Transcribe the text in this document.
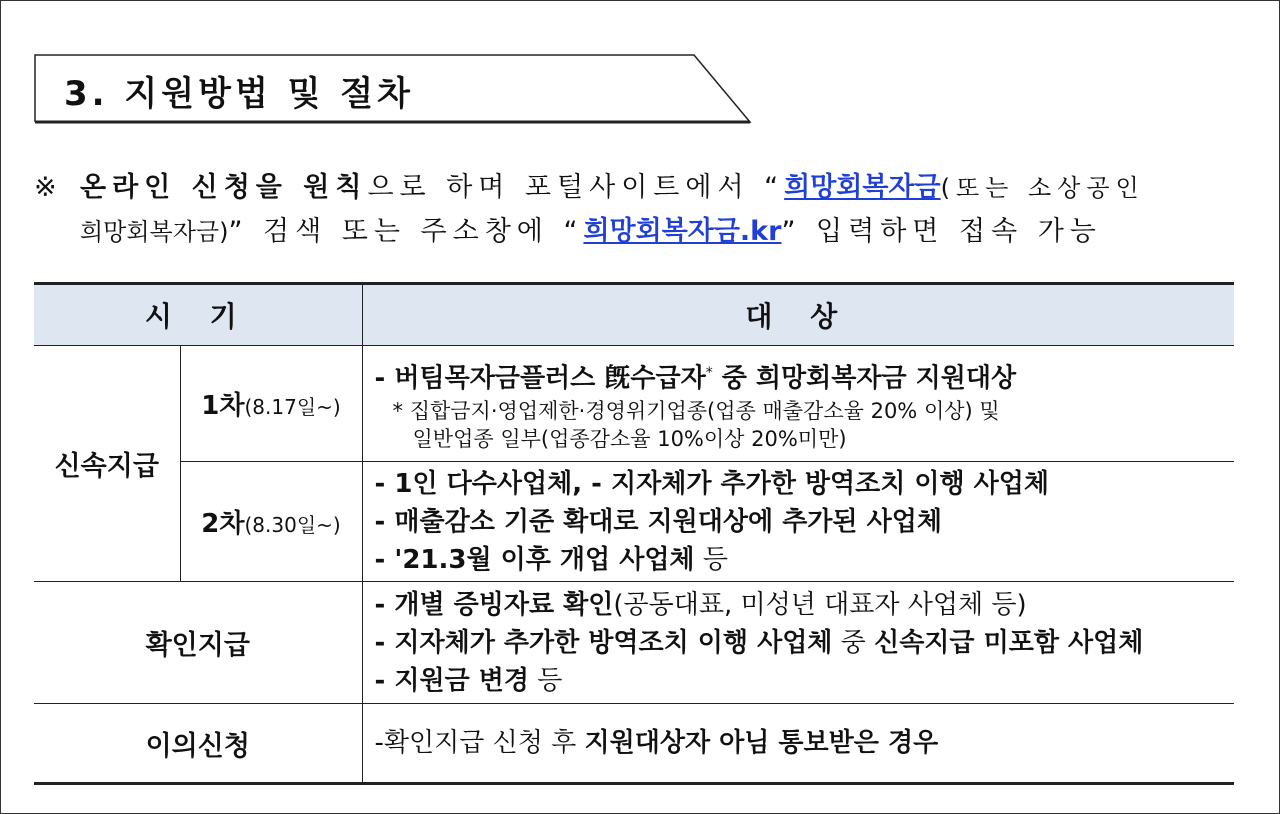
3. 지원방법 및 절차
※ 온라인 신청을 원칙으로 하며 포털사이트에서 “희망회복자금(또는 소상공인
희망회복자금)” 검색 또는 주소창에 “희망회복자금.kr” 입력하면 접속 가능
시 기		대 상
신속지급	1차(8.17일~)	- 버팀목자금플러스 旣수급자* 중 희망회복자금 지원대상
* 집합금지·영업제한·경영위기업종(업종 매출감소율 20% 이상) 및
일반업종 일부(업종감소율 10%이상 20%미만)

	2차(8.30일~)	- 1인 다수사업체, - 지자체가 추가한 방역조치 이행 사업체
- 매출감소 기준 확대로 지원대상에 추가된 사업체
- '21.3월 이후 개업 사업체 등

확인지급		- 개별 증빙자료 확인(공동대표, 미성년 대표자 사업체 등)
- 지자체가 추가한 방역조치 이행 사업체 중 신속지급 미포함 사업체
- 지원금 변경 등

이의신청		-확인지급 신청 후 지원대상자 아님 통보받은 경우
